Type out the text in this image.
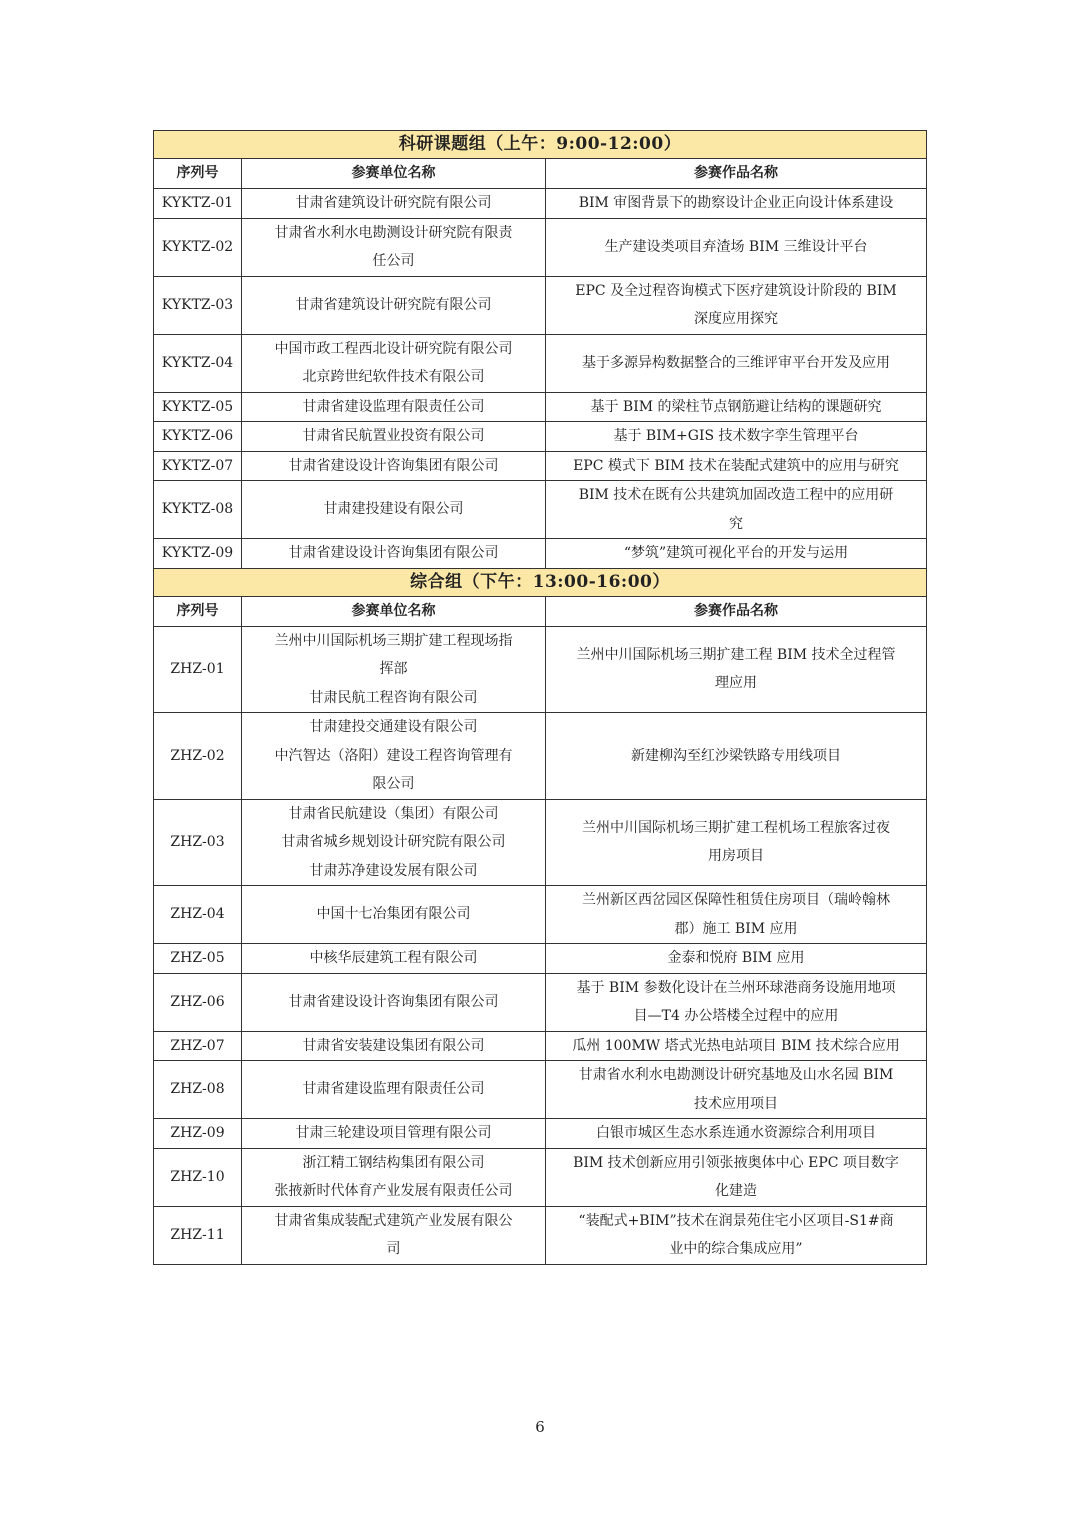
科研课题组（上午：9:00-12:00）		
序列号	参赛单位名称	参赛作品名称
KYKTZ-01	甘肃省建筑设计研究院有限公司	BIM 审图背景下的勘察设计企业正向设计体系建设

KYKTZ-02	甘肃省水利水电勘测设计研究院有限责
任公司	生产建设类项目弃渣场 BIM 三维设计平台

KYKTZ-03	甘肃省建筑设计研究院有限公司	EPC 及全过程咨询模式下医疗建筑设计阶段的 BIM
深度应用探究

KYKTZ-04	中国市政工程西北设计研究院有限公司
北京跨世纪软件技术有限公司	基于多源异构数据整合的三维评审平台开发及应用

KYKTZ-05	甘肃省建设监理有限责任公司	基于 BIM 的梁柱节点钢筋避让结构的课题研究

KYKTZ-06	甘肃省民航置业投资有限公司	基于 BIM+GIS 技术数字孪生管理平台

KYKTZ-07	甘肃省建设设计咨询集团有限公司	EPC 模式下 BIM 技术在装配式建筑中的应用与研究

KYKTZ-08	甘肃建投建设有限公司	BIM 技术在既有公共建筑加固改造工程中的应用研
究

KYKTZ-09	甘肃省建设设计咨询集团有限公司	“梦筑”建筑可视化平台的开发与运用

综合组（下午：13:00-16:00）		
序列号	参赛单位名称	参赛作品名称
ZHZ-01	兰州中川国际机场三期扩建工程现场指
挥部
甘肃民航工程咨询有限公司	兰州中川国际机场三期扩建工程 BIM 技术全过程管
理应用

ZHZ-02	甘肃建投交通建设有限公司
中汽智达（洛阳）建设工程咨询管理有
限公司	新建柳沟至红沙梁铁路专用线项目

ZHZ-03	甘肃省民航建设（集团）有限公司
甘肃省城乡规划设计研究院有限公司
甘肃苏净建设发展有限公司	兰州中川国际机场三期扩建工程机场工程旅客过夜
用房项目

ZHZ-04	中国十七冶集团有限公司	兰州新区西岔园区保障性租赁住房项目（瑞岭翰林
郡）施工 BIM 应用

ZHZ-05	中核华辰建筑工程有限公司	金泰和悦府 BIM 应用

ZHZ-06	甘肃省建设设计咨询集团有限公司	基于 BIM 参数化设计在兰州环球港商务设施用地项
目—T4 办公塔楼全过程中的应用

ZHZ-07	甘肃省安装建设集团有限公司	瓜州 100MW 塔式光热电站项目 BIM 技术综合应用

ZHZ-08	甘肃省建设监理有限责任公司	甘肃省水利水电勘测设计研究基地及山水名园 BIM
技术应用项目

ZHZ-09	甘肃三轮建设项目管理有限公司	白银市城区生态水系连通水资源综合利用项目

ZHZ-10	浙江精工钢结构集团有限公司
张掖新时代体育产业发展有限责任公司	BIM 技术创新应用引领张掖奥体中心 EPC 项目数字
化建造

ZHZ-11	甘肃省集成装配式建筑产业发展有限公
司	“装配式+BIM”技术在润景苑住宅小区项目-S1#商
业中的综合集成应用”
6
